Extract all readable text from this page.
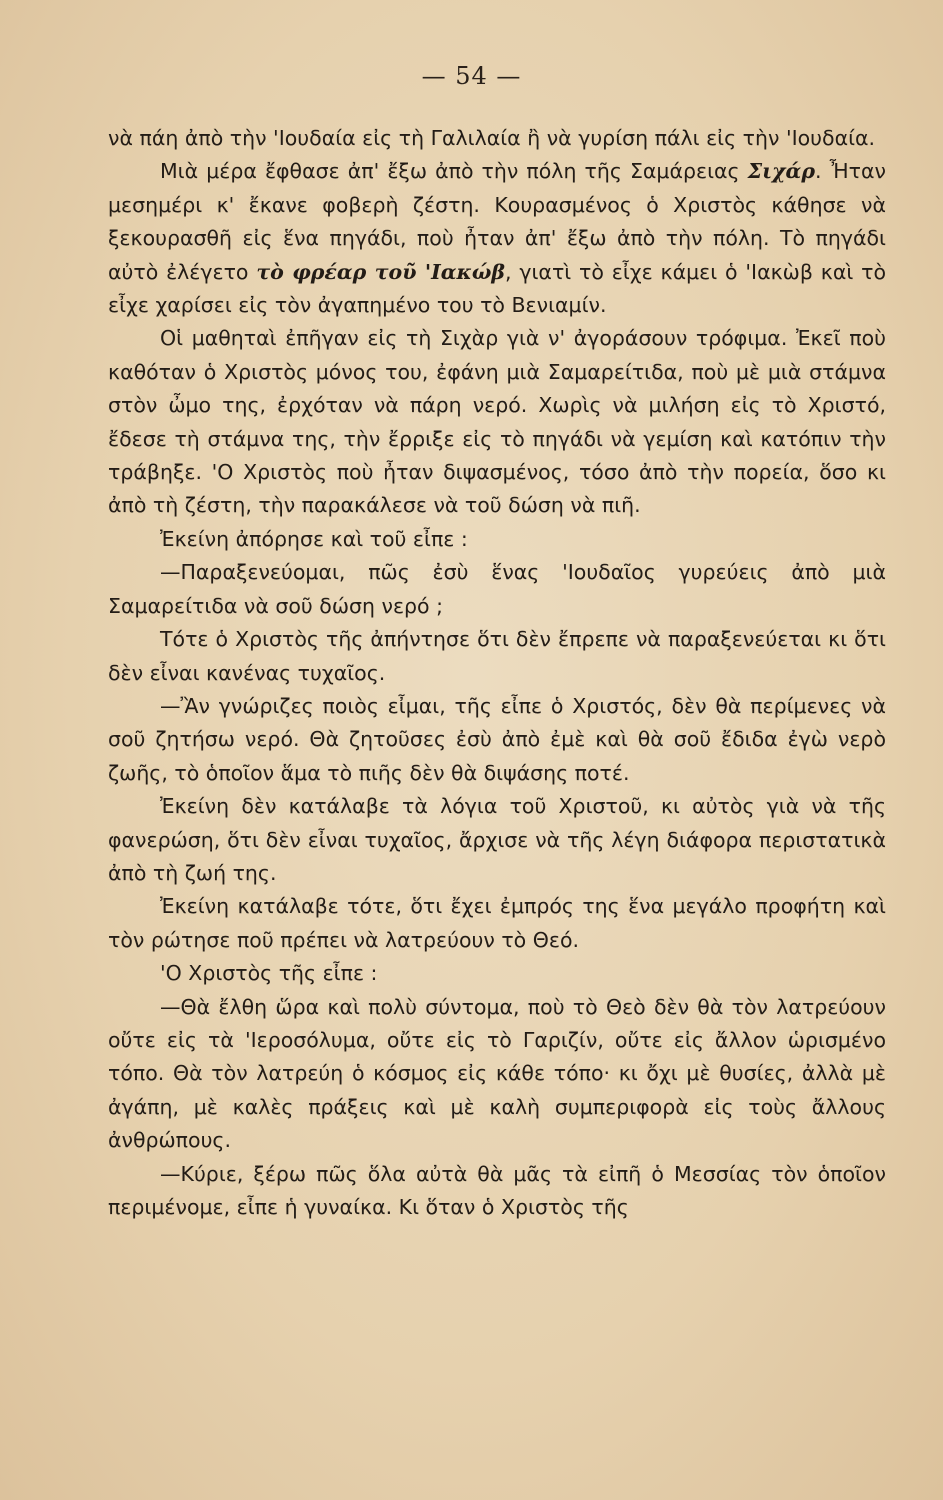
— 54 —

νὰ πάη ἀπὸ τὴν 'Ιουδαία εἰς τὴ Γαλιλαία ἢ νὰ γυρίση πάλι εἰς τὴν 'Ιουδαία.

Μιὰ μέρα ἔφθασε ἀπ' ἔξω ἀπὸ τὴν πόλη τῆς Σαμάρειας Σιχάρ. Ἦταν μεσημέρι κ' ἔκανε φοβερὴ ζέστη. Κουρασμένος ὁ Χριστὸς κάθησε νὰ ξεκουρασθῆ εἰς ἕνα πηγάδι, ποὺ ἦταν ἀπ' ἔξω ἀπὸ τὴν πόλη. Τὸ πηγάδι αὐτὸ ἐλέγετο τὸ φρέαρ τοῦ 'Ιακώβ, γιατὶ τὸ εἶχε κάμει ὁ 'Ιακὼβ καὶ τὸ εἶχε χαρίσει εἰς τὸν ἀγαπημένο του τὸ Βενιαμίν.

Οἱ μαθηταὶ ἐπῆγαν εἰς τὴ Σιχὰρ γιὰ ν' ἀγοράσουν τρόφιμα. Ἐκεῖ ποὺ καθόταν ὁ Χριστὸς μόνος του, ἐφάνη μιὰ Σαμαρείτιδα, ποὺ μὲ μιὰ στάμνα στὸν ὦμο της, ἐρχόταν νὰ πάρη νερό. Χωρὶς νὰ μιλήση εἰς τὸ Χριστό, ἔδεσε τὴ στάμνα της, τὴν ἔρριξε εἰς τὸ πηγάδι νὰ γεμίση καὶ κατόπιν τὴν τράβηξε. 'Ο Χριστὸς ποὺ ἦταν διψασμένος, τόσο ἀπὸ τὴν πορεία, ὅσο κι ἀπὸ τὴ ζέστη, τὴν παρακάλεσε νὰ τοῦ δώση νὰ πιῆ.

Ἐκείνη ἀπόρησε καὶ τοῦ εἶπε :

—Παραξενεύομαι, πῶς ἐσὺ ἕνας 'Ιουδαῖος γυρεύεις ἀπὸ μιὰ Σαμαρείτιδα νὰ σοῦ δώση νερό ;

Τότε ὁ Χριστὸς τῆς ἀπήντησε ὅτι δὲν ἔπρεπε νὰ παραξενεύεται κι ὅτι δὲν εἶναι κανένας τυχαῖος.

—Ἂν γνώριζες ποιὸς εἶμαι, τῆς εἶπε ὁ Χριστός, δὲν θὰ περίμενες νὰ σοῦ ζητήσω νερό. Θὰ ζητοῦσες ἐσὺ ἀπὸ ἐμὲ καὶ θὰ σοῦ ἔδιδα ἐγὼ νερὸ ζωῆς, τὸ ὁποῖον ἅμα τὸ πιῆς δὲν θὰ διψάσης ποτέ.

Ἐκείνη δὲν κατάλαβε τὰ λόγια τοῦ Χριστοῦ, κι αὐτὸς γιὰ νὰ τῆς φανερώση, ὅτι δὲν εἶναι τυχαῖος, ἄρχισε νὰ τῆς λέγη διάφορα περιστατικὰ ἀπὸ τὴ ζωή της.

Ἐκείνη κατάλαβε τότε, ὅτι ἔχει ἐμπρός της ἕνα μεγάλο προφήτη καὶ τὸν ρώτησε ποῦ πρέπει νὰ λατρεύουν τὸ Θεό.

'Ο Χριστὸς τῆς εἶπε :

—Θὰ ἔλθη ὥρα καὶ πολὺ σύντομα, ποὺ τὸ Θεὸ δὲν θὰ τὸν λατρεύουν οὔτε εἰς τὰ 'Ιεροσόλυμα, οὔτε εἰς τὸ Γαριζίν, οὔτε εἰς ἄλλον ὡρισμένο τόπο. Θὰ τὸν λατρεύη ὁ κόσμος εἰς κάθε τόπο· κι ὄχι μὲ θυσίες, ἀλλὰ μὲ ἀγάπη, μὲ καλὲς πράξεις καὶ μὲ καλὴ συμπεριφορὰ εἰς τοὺς ἄλλους ἀνθρώπους.

—Κύριε, ξέρω πῶς ὅλα αὐτὰ θὰ μᾶς τὰ εἰπῆ ὁ Μεσσίας τὸν ὁποῖον περιμένομε, εἶπε ἡ γυναίκα. Κι ὅταν ὁ Χριστὸς τῆς
